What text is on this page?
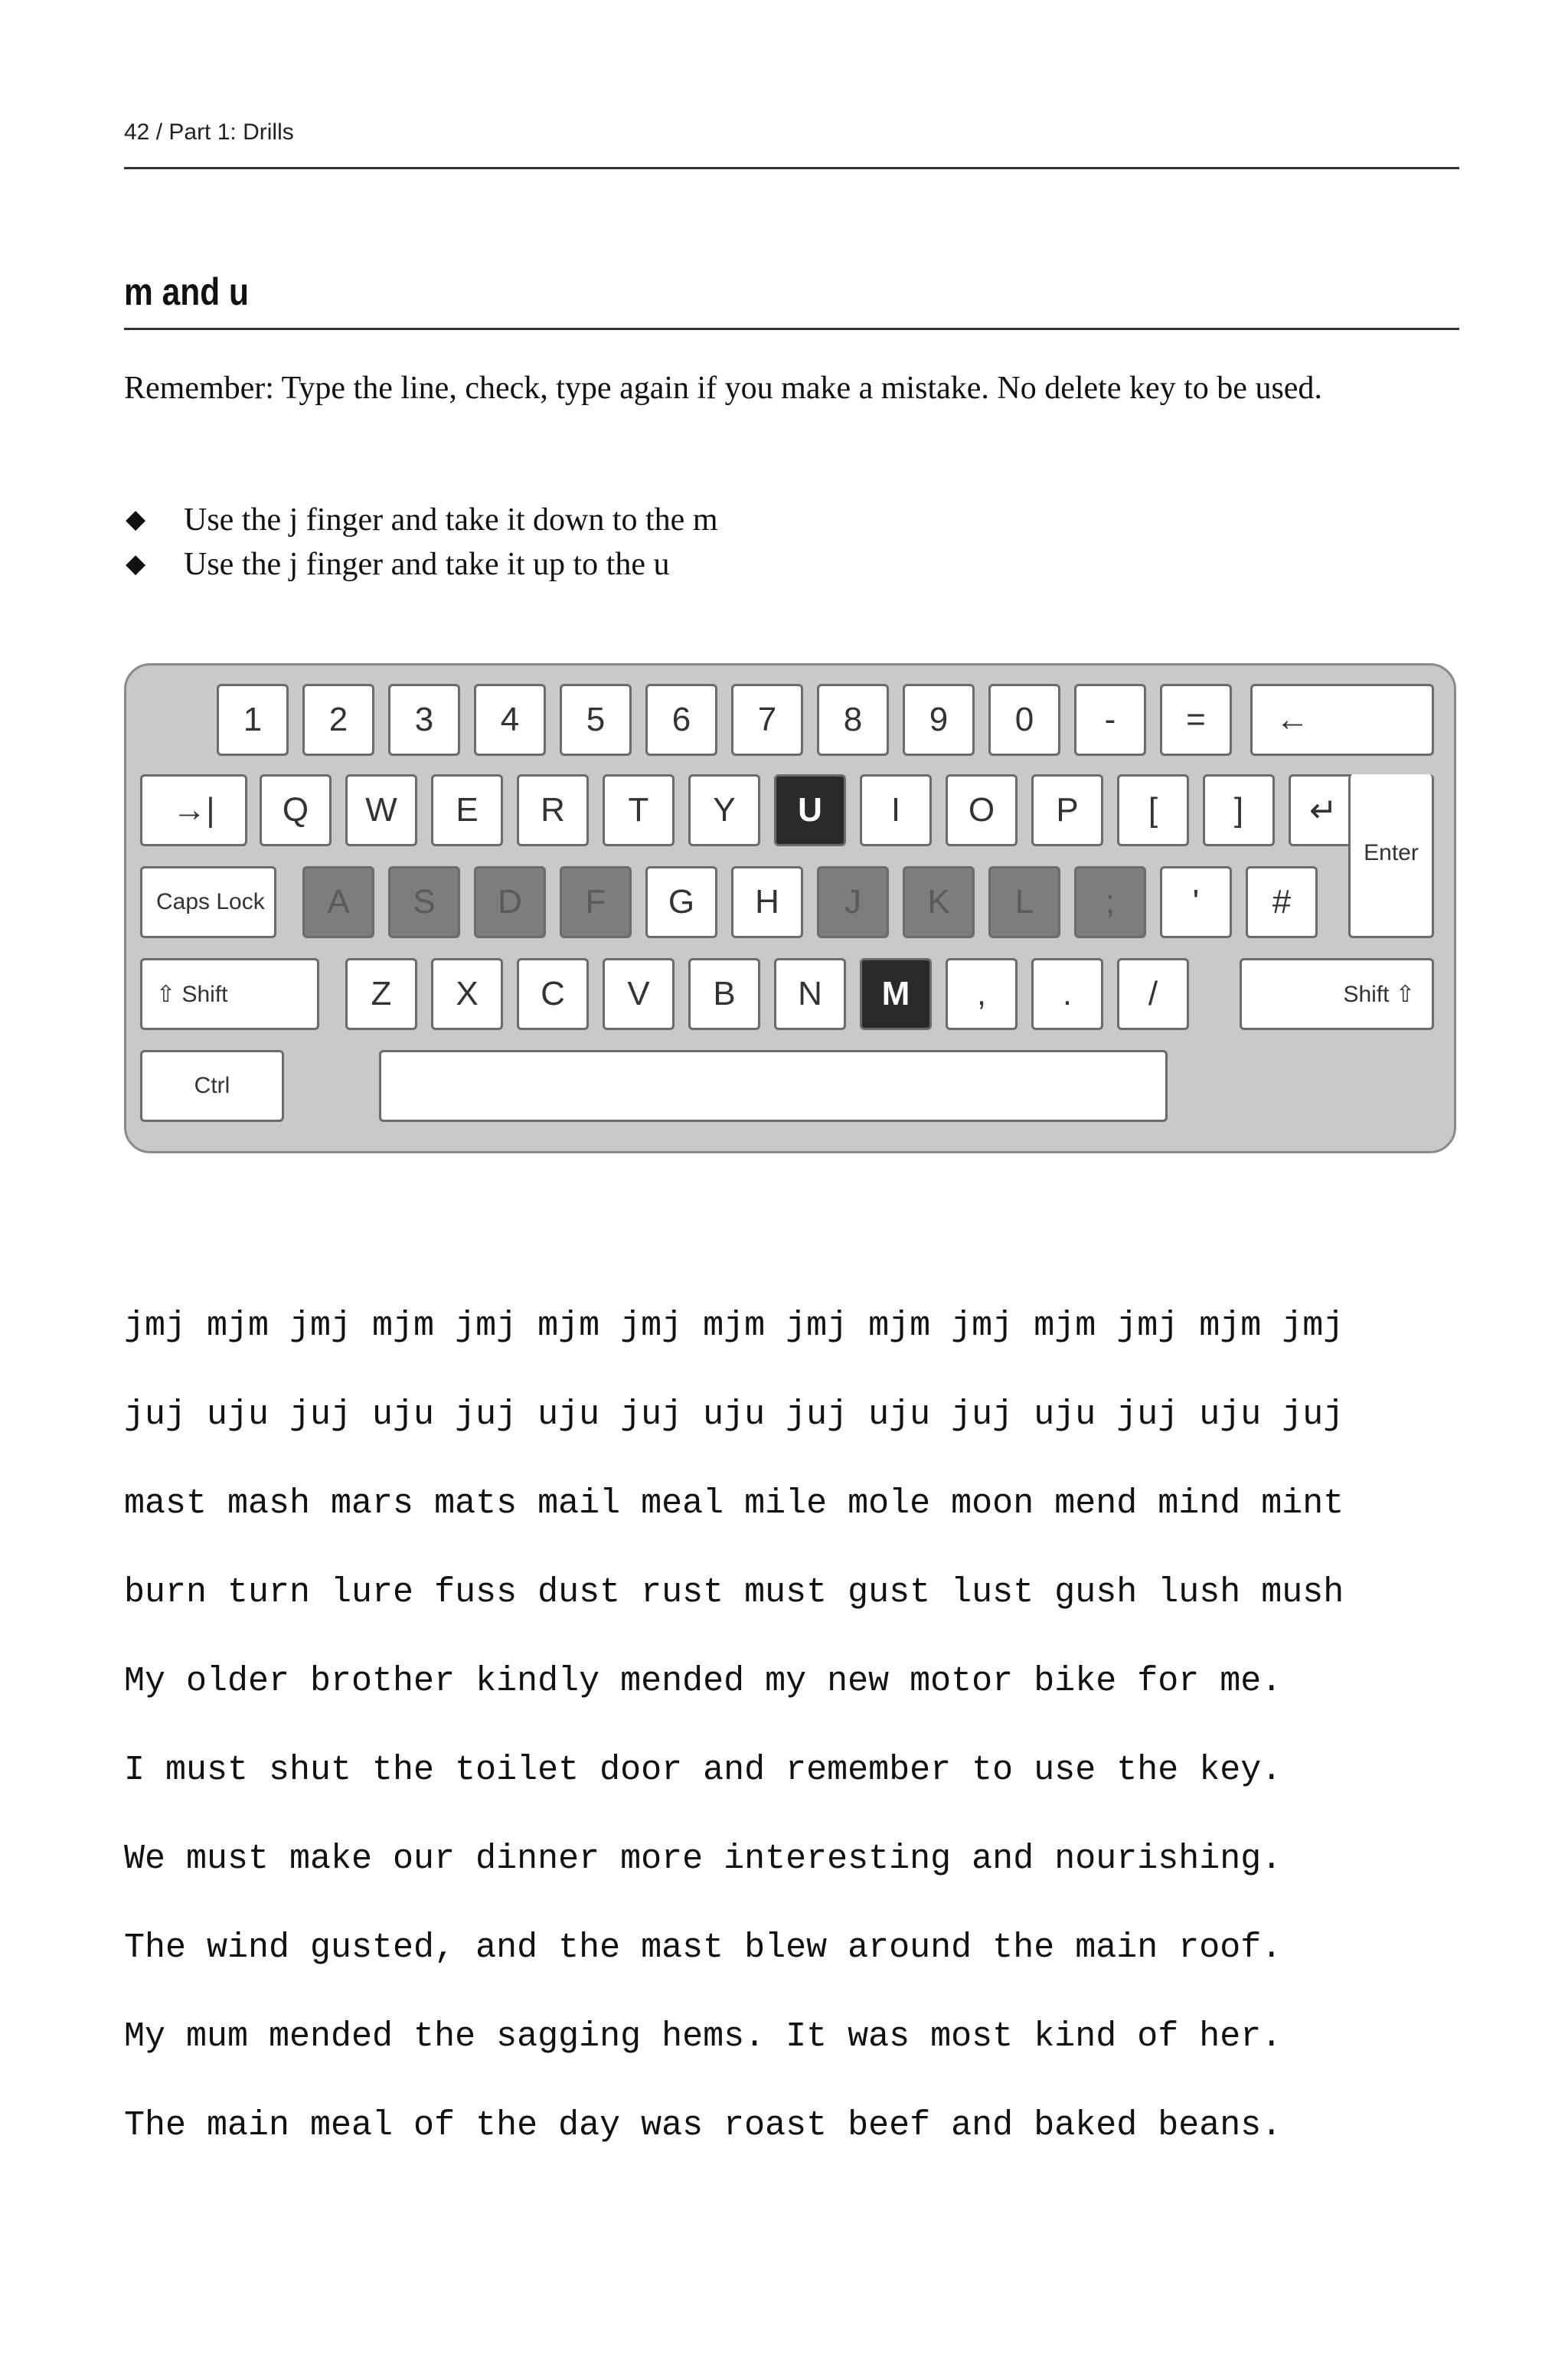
42 / Part 1: Drills
m and u
Remember: Type the line, check, type again if you make a mistake. No delete key to be used.
◆ Use the j finger and take it down to the m
◆ Use the j finger and take it up to the u
1	2	3	4	5	6	7	8	9	0	-	=	←
→|	Q	W	E	R	T	Y	U	I	O	P	[	]	↵
Enter
Caps Lock	A	S	D	F	G	H	J	K	L	;	'	#
⇧ Shift	Z	X	C	V	B	N	M	,	.	/	Shift ⇧
Ctrl
jmj mjm jmj mjm jmj mjm jmj mjm jmj mjm jmj mjm jmj mjm jmj
juj uju juj uju juj uju juj uju juj uju juj uju juj uju juj
mast mash mars mats mail meal mile mole moon mend mind mint
burn turn lure fuss dust rust must gust lust gush lush mush
My older brother kindly mended my new motor bike for me.
I must shut the toilet door and remember to use the key.
We must make our dinner more interesting and nourishing.
The wind gusted, and the mast blew around the main roof.
My mum mended the sagging hems. It was most kind of her.
The main meal of the day was roast beef and baked beans.
